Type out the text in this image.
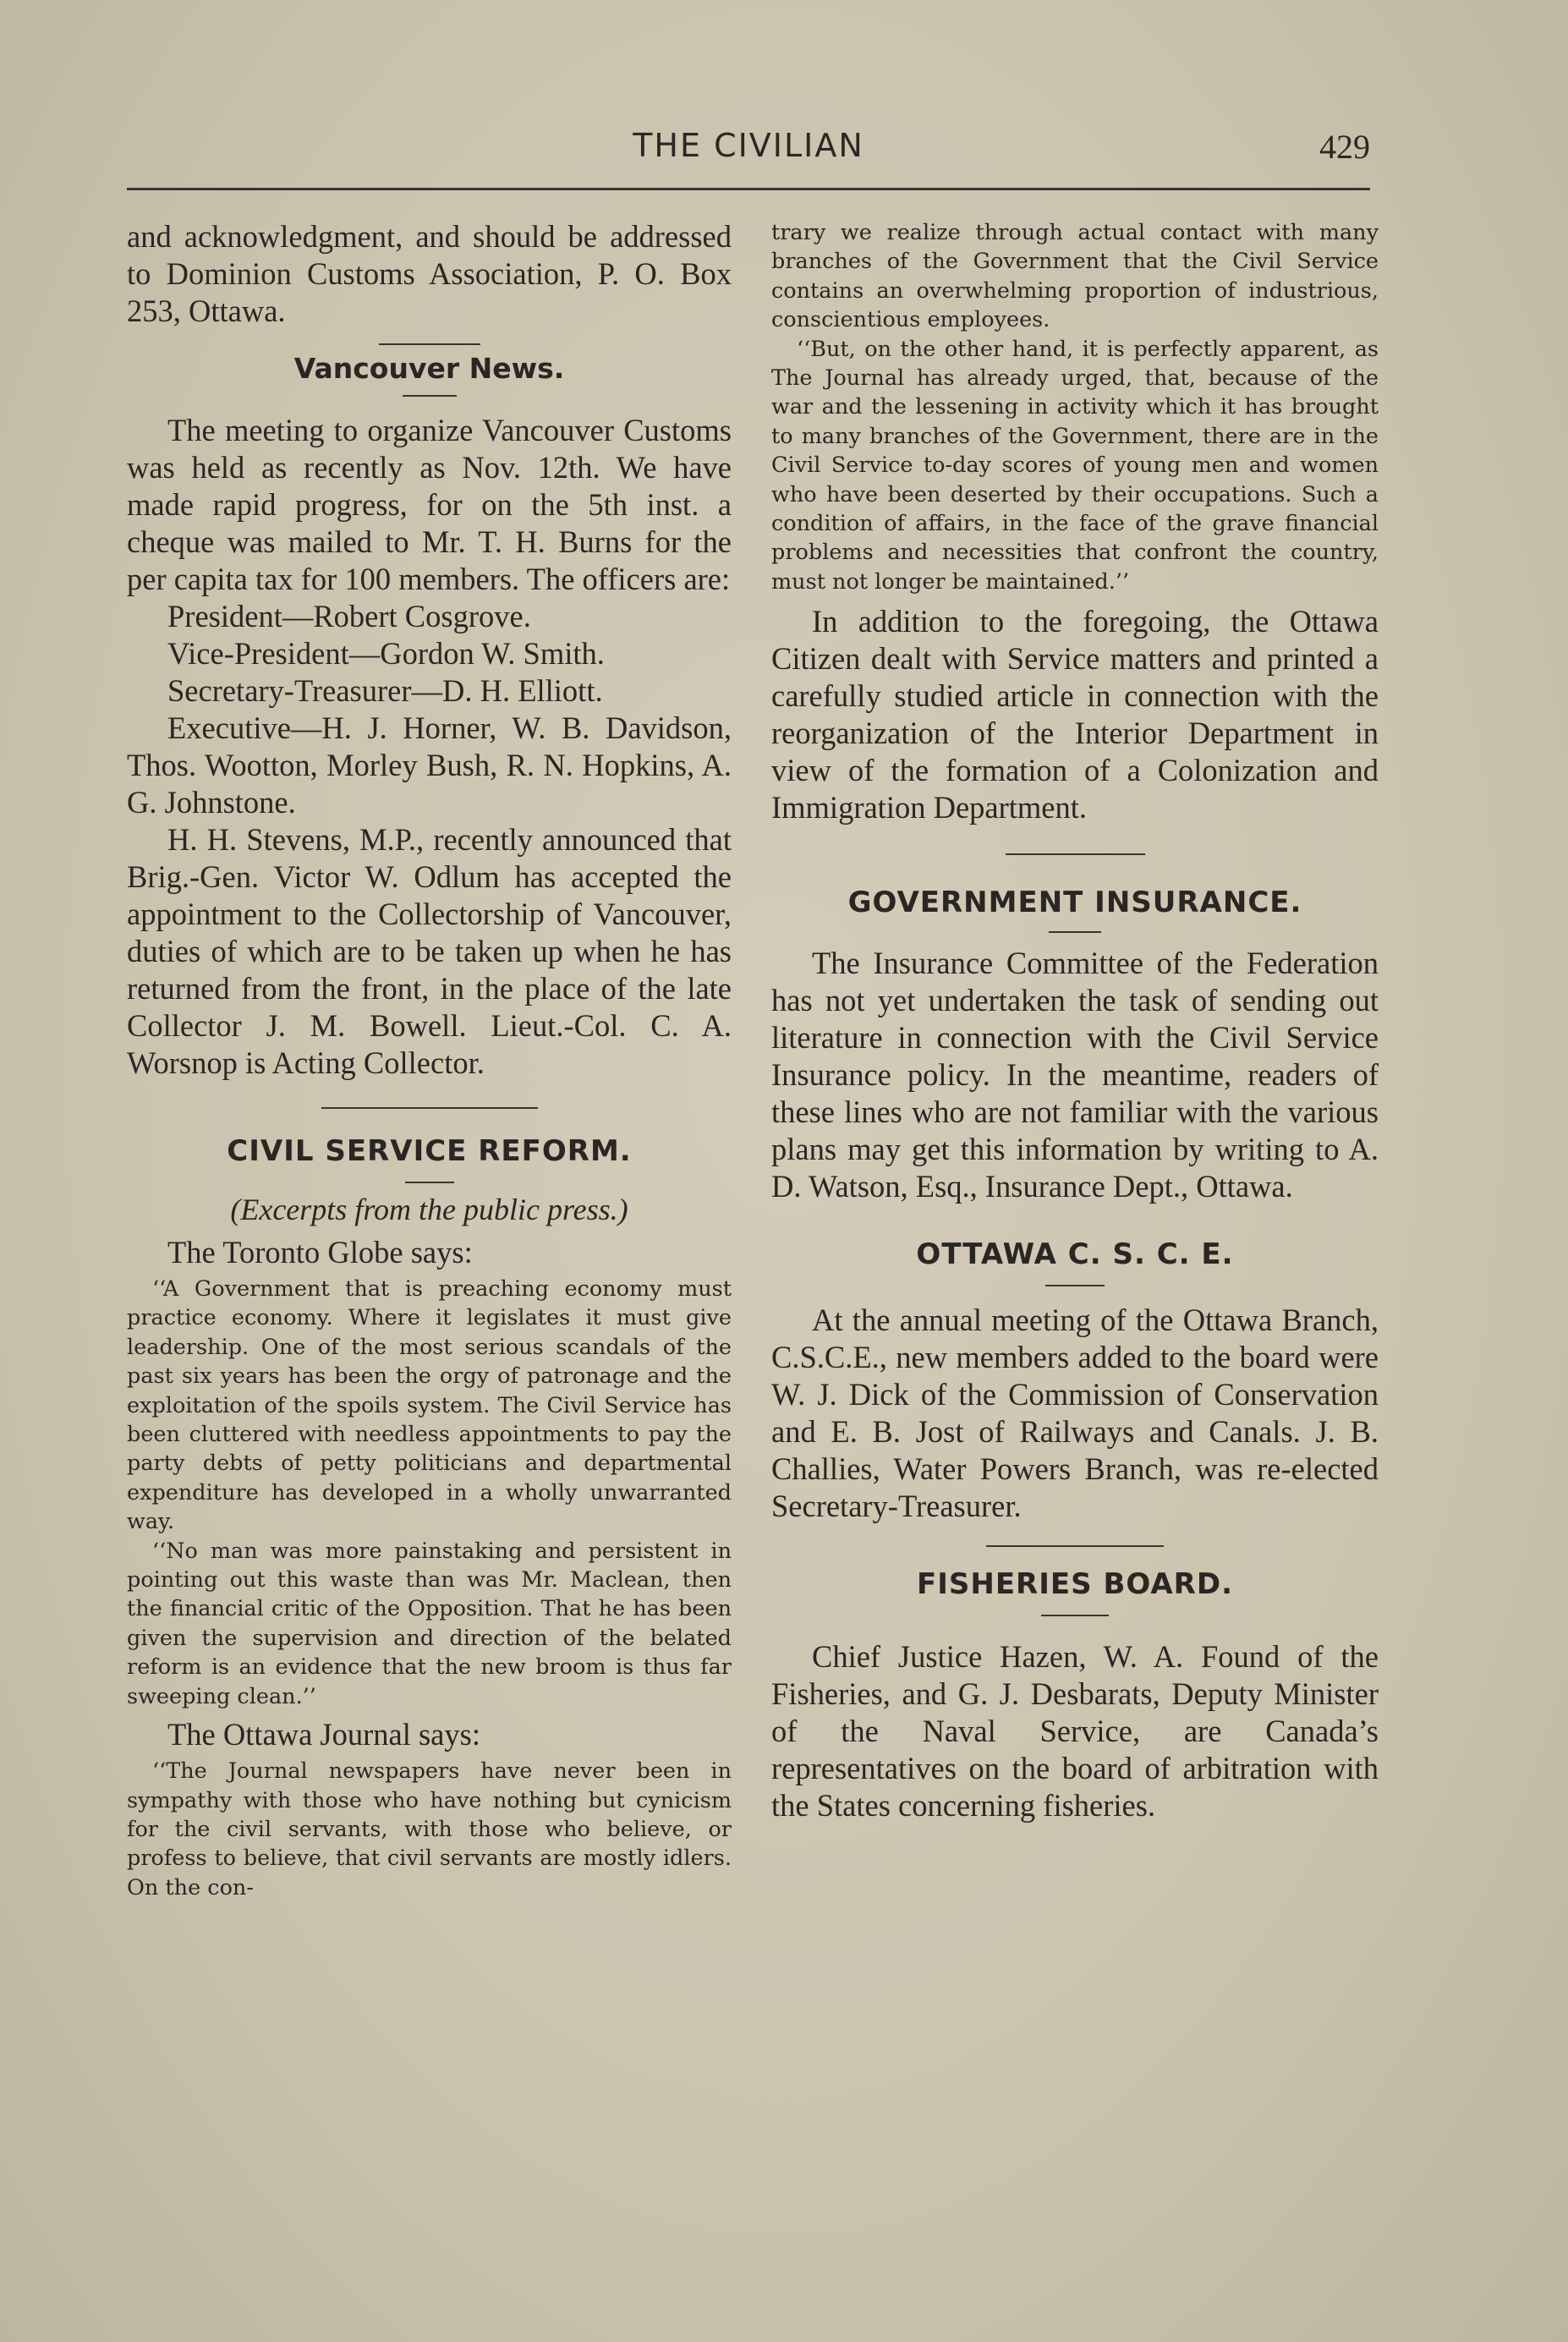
THE CIVILIAN	429

and acknowledgment, and should be addressed to Dominion Customs Association, P. O. Box 253, Ottawa.

Vancouver News.

The meeting to organize Vancouver Customs was held as recently as Nov. 12th. We have made rapid progress, for on the 5th inst. a cheque was mailed to Mr. T. H. Burns for the per capita tax for 100 members. The officers are:

President—Robert Cosgrove.

Vice-President—Gordon W. Smith.

Secretary-Treasurer—D. H. Elliott.

Executive—H. J. Horner, W. B. Davidson, Thos. Wootton, Morley Bush, R. N. Hopkins, A. G. Johnstone.

H. H. Stevens, M.P., recently announced that Brig.-Gen. Victor W. Odlum has accepted the appointment to the Collectorship of Vancouver, duties of which are to be taken up when he has returned from the front, in the place of the late Collector J. M. Bowell. Lieut.-Col. C. A. Worsnop is Acting Collector.

CIVIL SERVICE REFORM.

(Excerpts from the public press.)

The Toronto Globe says:

‘‘A Government that is preaching economy must practice economy. Where it legislates it must give leadership. One of the most serious scandals of the past six years has been the orgy of patronage and the exploitation of the spoils system. The Civil Service has been cluttered with needless appointments to pay the party debts of petty politicians and departmental expenditure has developed in a wholly unwarranted way.

‘‘No man was more painstaking and persistent in pointing out this waste than was Mr. Maclean, then the financial critic of the Opposition. That he has been given the supervision and direction of the belated reform is an evidence that the new broom is thus far sweeping clean.’’

The Ottawa Journal says:

‘‘The Journal newspapers have never been in sympathy with those who have nothing but cynicism for the civil servants, with those who believe, or profess to believe, that civil servants are mostly idlers. On the con-

trary we realize through actual contact with many branches of the Government that the Civil Service contains an overwhelming proportion of industrious, conscientious employees.

‘‘But, on the other hand, it is perfectly apparent, as The Journal has already urged, that, because of the war and the lessening in activity which it has brought to many branches of the Government, there are in the Civil Service to-day scores of young men and women who have been deserted by their occupations. Such a condition of affairs, in the face of the grave financial problems and necessities that confront the country, must not longer be maintained.’’

In addition to the foregoing, the Ottawa Citizen dealt with Service matters and printed a carefully studied article in connection with the reorganization of the Interior Department in view of the formation of a Colonization and Immigration Department.

GOVERNMENT INSURANCE.

The Insurance Committee of the Federation has not yet undertaken the task of sending out literature in connection with the Civil Service Insurance policy. In the meantime, readers of these lines who are not familiar with the various plans may get this information by writing to A. D. Watson, Esq., Insurance Dept., Ottawa.

OTTAWA C. S. C. E.

At the annual meeting of the Ottawa Branch, C.S.C.E., new members added to the board were W. J. Dick of the Commission of Conservation and E. B. Jost of Railways and Canals. J. B. Challies, Water Powers Branch, was re-elected Secretary-Treasurer.

FISHERIES BOARD.

Chief Justice Hazen, W. A. Found of the Fisheries, and G. J. Desbarats, Deputy Minister of the Naval Service, are Canada’s representatives on the board of arbitration with the States concerning fisheries.
